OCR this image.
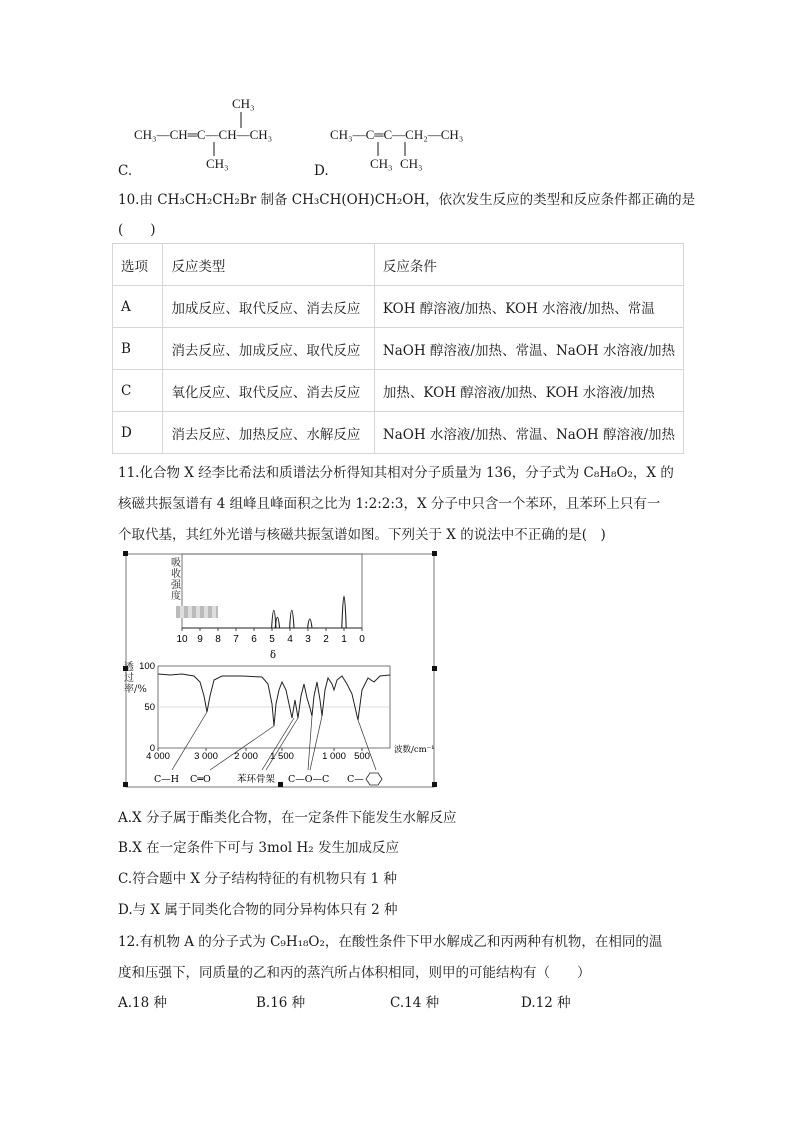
CH₃
CH₃—CH═C—CH—CH₃
CH₃
C.
CH₃—C═C—CH₂—CH₃
CH₃ CH₃
D.
10.由 CH₃CH₂CH₂Br 制备 CH₃CH(OH)CH₂OH，依次发生反应的类型和反应条件都正确的是
(　　)
选项	反应类型	反应条件
A	加成反应、取代反应、消去反应	KOH 醇溶液/加热、KOH 水溶液/加热、常温
B	消去反应、加成反应、取代反应	NaOH 醇溶液/加热、常温、NaOH 水溶液/加热
C	氧化反应、取代反应、消去反应	加热、KOH 醇溶液/加热、KOH 水溶液/加热
D	消去反应、加热反应、水解反应	NaOH 水溶液/加热、常温、NaOH 醇溶液/加热
11.化合物 X 经李比希法和质谱法分析得知其相对分子质量为 136，分子式为 C₈H₈O₂，X 的
核磁共振氢谱有 4 组峰且峰面积之比为 1:2:2:3，X 分子中只含一个苯环，且苯环上只有一
个取代基，其红外光谱与核磁共振氢谱如图。下列关于 X 的说法中不正确的是(　)
10 9 8 7 6 5 4 3 2 1 0
δ
吸收强度
100
50
0
4 000	3 000 2 000 1 500	1 000 500
波数/cm⁻¹
C—H C═O	苯环骨架 C—O—C C—
透过率/%
A.X 分子属于酯类化合物，在一定条件下能发生水解反应
B.X 在一定条件下可与 3mol H₂ 发生加成反应
C.符合题中 X 分子结构特征的有机物只有 1 种
D.与 X 属于同类化合物的同分异构体只有 2 种
12.有机物 A 的分子式为 C₉H₁₈O₂，在酸性条件下甲水解成乙和丙两种有机物，在相同的温
度和压强下，同质量的乙和丙的蒸汽所占体积相同，则甲的可能结构有（　　）
A.18 种	B.16 种	C.14 种	D.12 种
